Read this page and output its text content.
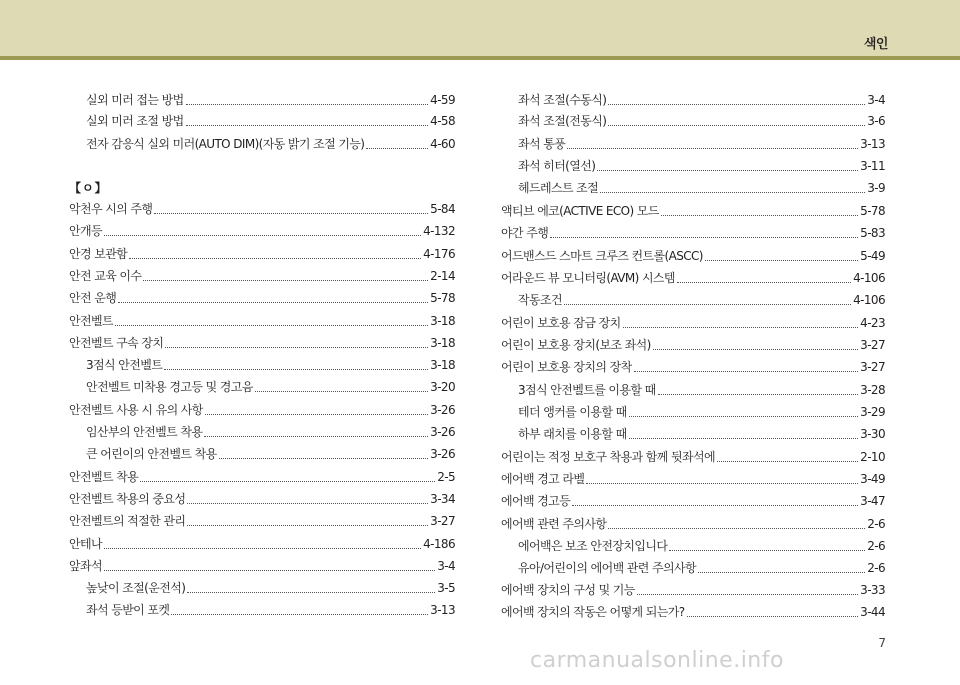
색인
【ㅇ】
실외 미러 접는 방법	4-59
실외 미러 조절 방법	4-58
전자 감응식 실외 미러(AUTO DIM)(자동 밝기 조절 기능)	4-60
악천우 시의 주행	5-84
안개등	4-132
안경 보관함	4-176
안전 교육 이수	2-14
안전 운행	5-78
안전벨트	3-18
안전벨트 구속 장치	3-18
3점식 안전벨트	3-18
안전벨트 미착용 경고등 및 경고음	3-20
안전벨트 사용 시 유의 사항	3-26
임산부의 안전벨트 착용	3-26
큰 어린이의 안전벨트 착용	3-26
안전벨트 착용	2-5
안전벨트 착용의 중요성	3-34
안전벨트의 적절한 관리	3-27
안테나	4-186
앞좌석	3-4
높낮이 조절(운전석)	3-5
좌석 등받이 포켓	3-13
좌석 조절(수동식)	3-4
좌석 조절(전동식)	3-6
좌석 통풍	3-13
좌석 히터(열선)	3-11
헤드레스트 조절	3-9
액티브 에코(ACTIVE ECO) 모드	5-78
야간 주행	5-83
어드밴스드 스마트 크루즈 컨트롤(ASCC)	5-49
어라운드 뷰 모니터링(AVM) 시스템	4-106
작동조건	4-106
어린이 보호용 잠금 장치	4-23
어린이 보호용 장치(보조 좌석)	3-27
어린이 보호용 장치의 장착	3-27
3점식 안전벨트를 이용할 때	3-28
테더 앵커를 이용할 때	3-29
하부 래치를 이용할 때	3-30
어린이는 적정 보호구 착용과 함께 뒷좌석에	2-10
에어백 경고 라벨	3-49
에어백 경고등	3-47
에어백 관련 주의사항	2-6
에어백은 보조 안전장치입니다	2-6
유아/어린이의 에어백 관련 주의사항	2-6
에어백 장치의 구성 및 기능	3-33
에어백 장치의 작동은 어떻게 되는가?	3-44
7
carmanualsonline.info
